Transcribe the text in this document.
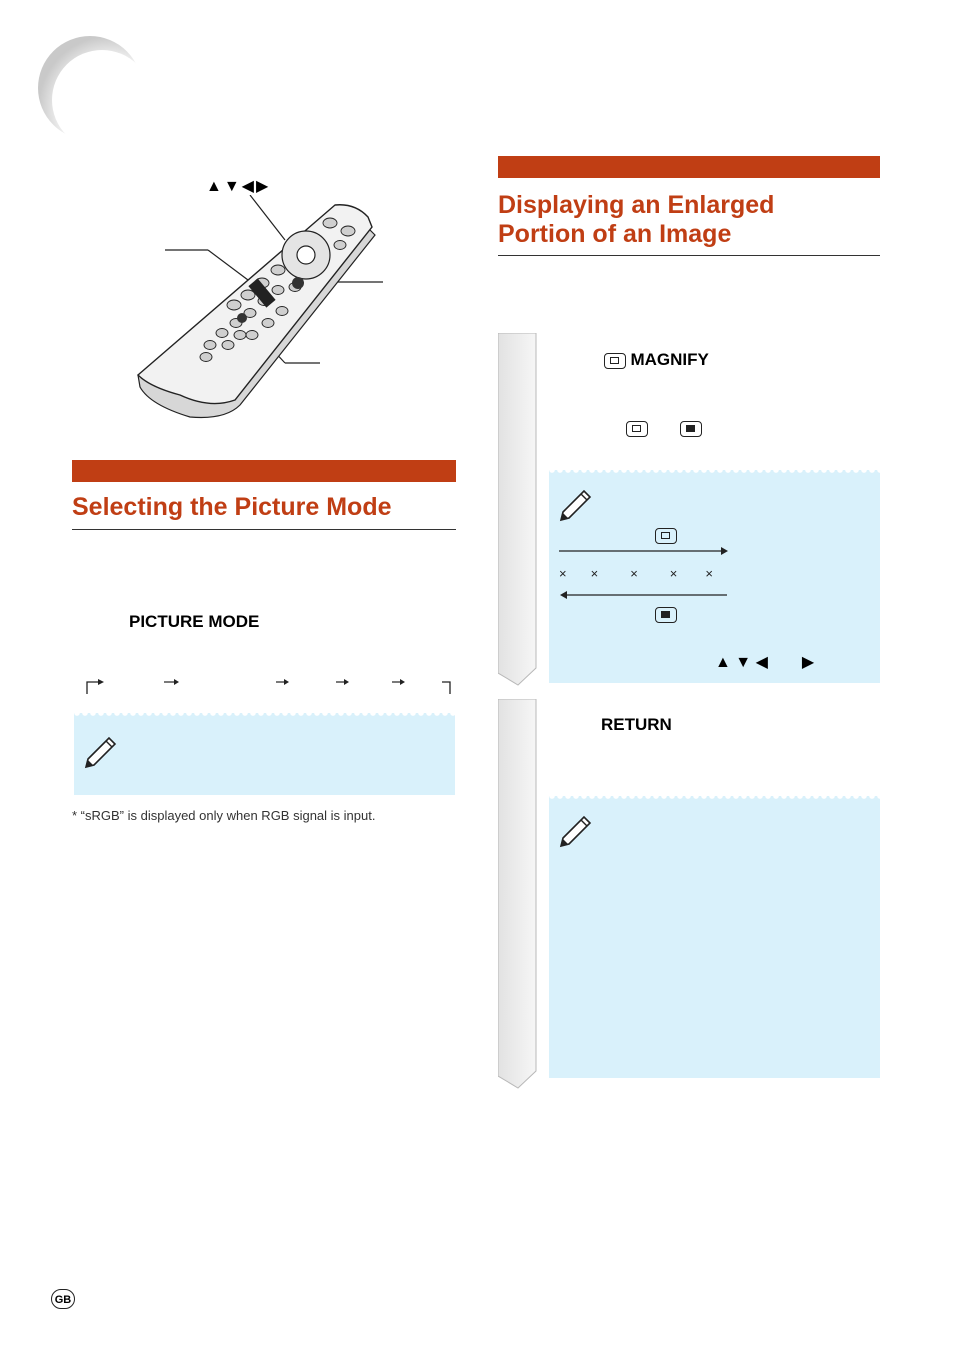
▲▼◀▶
Selecting the Picture Mode
PICTURE MODE
* “sRGB” is displayed only when RGB signal is input.
Displaying an Enlarged
Portion of an Image
MAGNIFY
× × × × ×
▲ ▼ ◀ ▶
RETURN
GB
